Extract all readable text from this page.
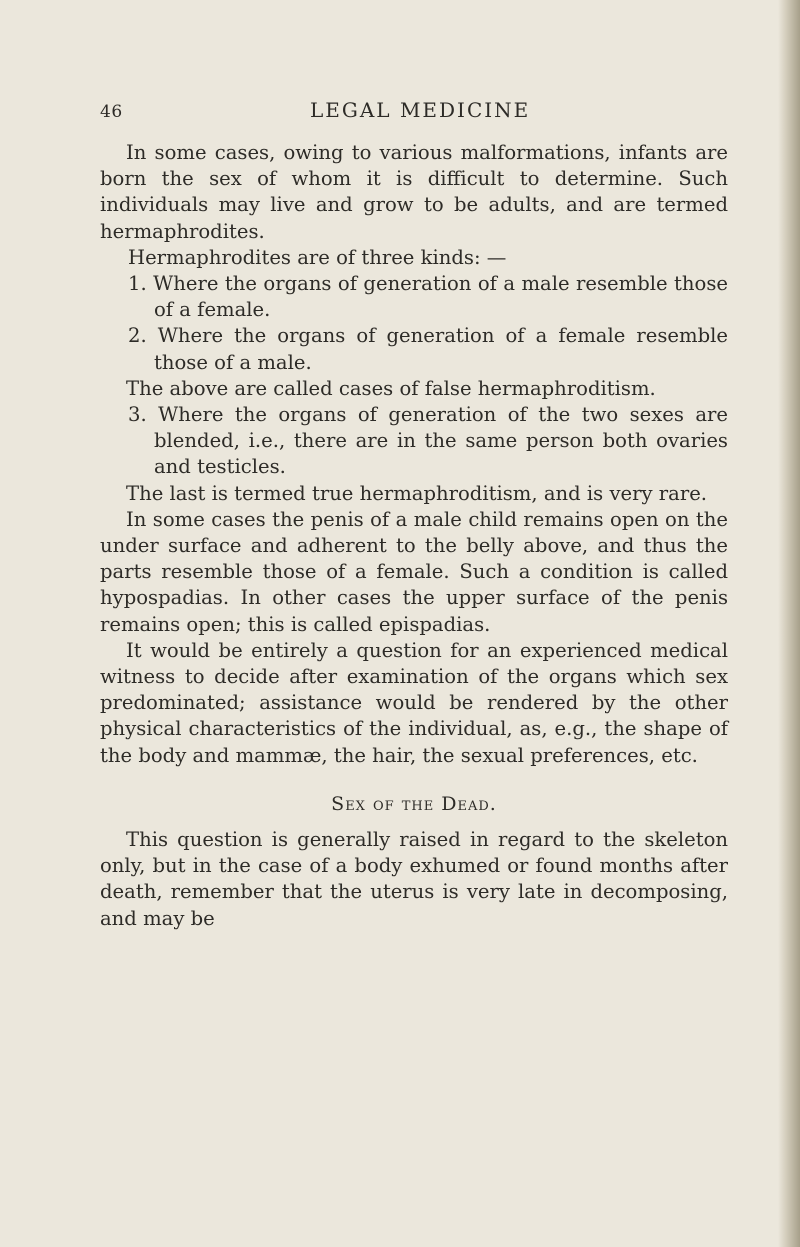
46	LEGAL MEDICINE

In some cases, owing to various malformations, infants are born the sex of whom it is difficult to determine. Such individuals may live and grow to be adults, and are termed hermaphrodites.

Hermaphrodites are of three kinds: —

1. Where the organs of generation of a male resemble those of a female.

2. Where the organs of generation of a female resemble those of a male.

The above are called cases of false hermaphroditism.

3. Where the organs of generation of the two sexes are blended, i.e., there are in the same person both ovaries and testicles.

The last is termed true hermaphroditism, and is very rare.

In some cases the penis of a male child remains open on the under surface and adherent to the belly above, and thus the parts resemble those of a female. Such a condition is called hypospadias. In other cases the upper surface of the penis remains open; this is called epispadias.

It would be entirely a question for an experienced medical witness to decide after examination of the organs which sex predominated; assistance would be rendered by the other physical characteristics of the individual, as, e.g., the shape of the body and mammæ, the hair, the sexual preferences, etc.

Sex of the Dead.

This question is generally raised in regard to the skeleton only, but in the case of a body exhumed or found months after death, remember that the uterus is very late in decomposing, and may be
